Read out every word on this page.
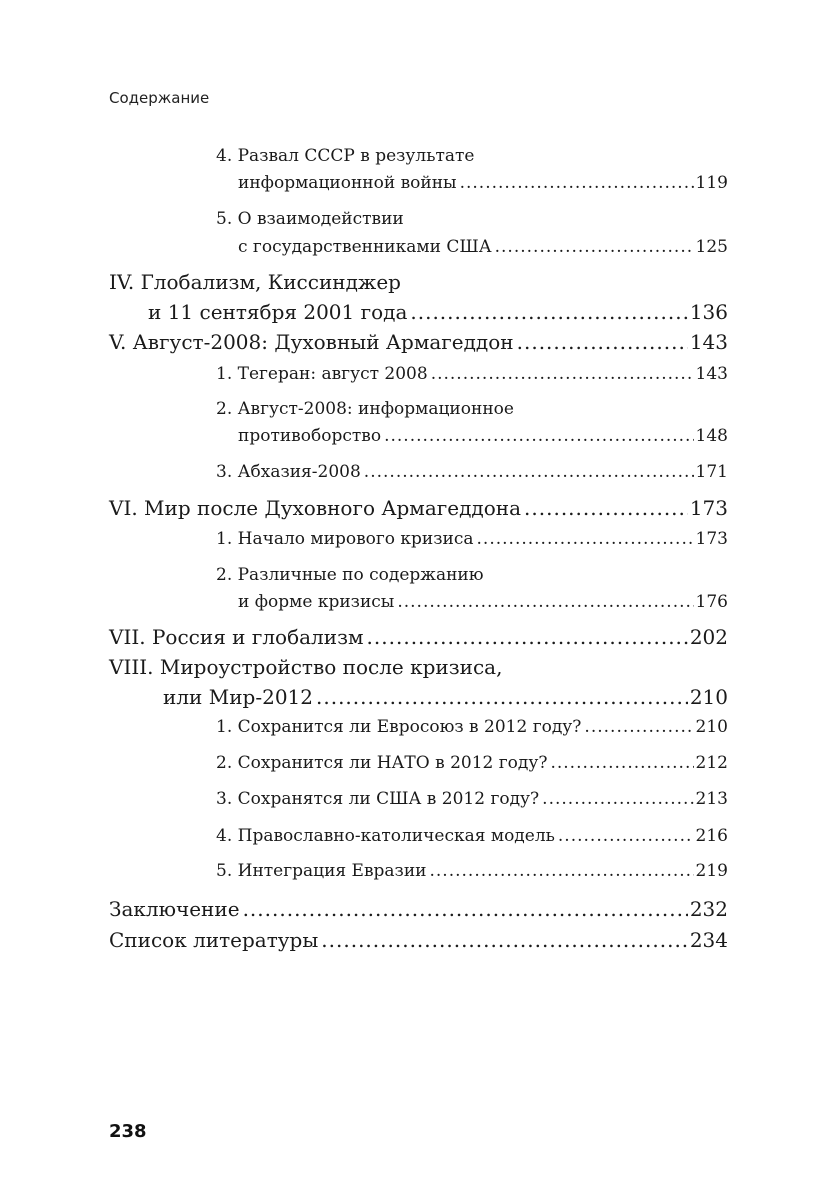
Содержание
4. Развал СССР в результате
информационной войны .....	119
5. О взаимодействии
с государственниками США .....	125
IV. Глобализм, Киссинджер
и 11 сентября 2001 года .....	136
V. Август-2008: Духовный Армагеддон .....	143
1. Тегеран: август 2008 .....	143
2. Август-2008: информационное
противоборство .....	148
3. Абхазия-2008 .....	171
VI. Мир после Духовного Армагеддона .....	173
1. Начало мирового кризиса .....	173
2. Различные по содержанию
и форме кризисы .....	176
VII. Россия и глобализм .....	202
VIII. Мироустройство после кризиса,
или Мир-2012 .....	210
1. Сохранится ли Евросоюз в 2012 году? .....	210
2. Сохранится ли НАТО в 2012 году? .....	212
3. Сохранятся ли США в 2012 году? .....	213
4. Православно-католическая модель .....	216
5. Интеграция Евразии .....	219
Заключение .....	232
Список литературы .....	234
238
